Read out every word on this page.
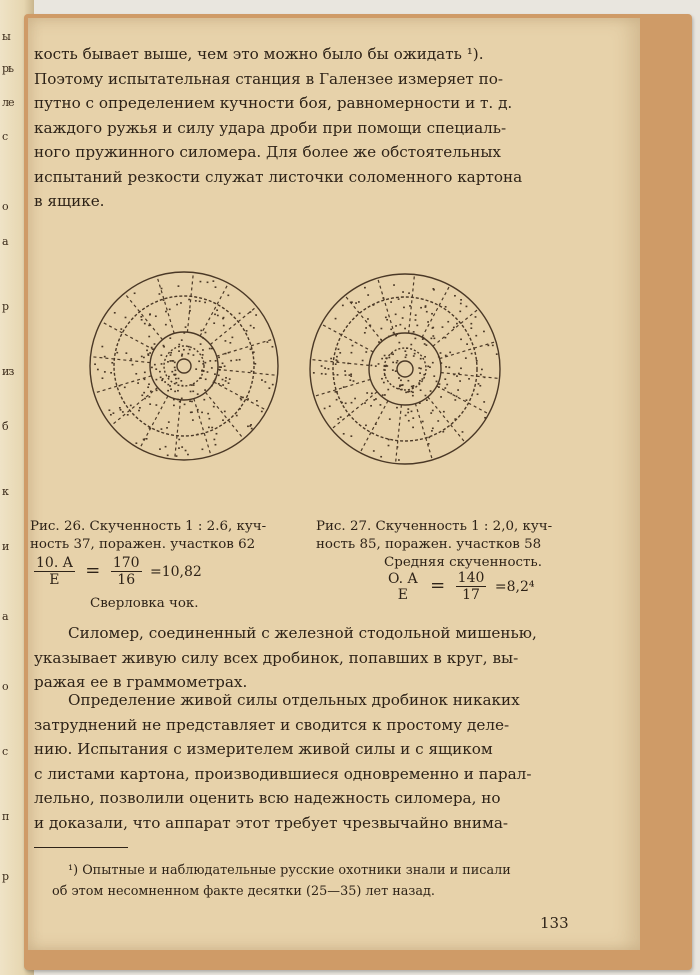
ы
рь
ле
с
о
а
р
из
б
к
и
а
о
с
п
р
кость бывает выше, чем это можно было бы ожидать ¹).
Поэтому испытательная станция в Галензее измеряет по-
путно с определением кучности боя, равномерности и т. д.
каждого ружья и силу удара дроби при помощи специаль-
ного пружинного силомера. Для более же обстоятельных
испытаний резкости служат листочки соломенного картона
в ящике.
Рис. 26. Скученность 1 : 2.6, куч-
ность 37, поражен. участков 62
$\frac{10. A}{E} = \frac{170}{16} =10,82$
Сверловка чок.
Рис. 27. Скученность 1 : 2,0, куч-
ность 85, поражен. участков 58
Средняя скученность.
O. A
E	= $\frac{140}{17} =8,2^4$
Силомер, соединенный с железной стодольной мишенью,
указывает живую силу всех дробинок, попавших в круг, вы-
ражая ее в граммометрах.
Определение живой силы отдельных дробинок никаких
затруднений не представляет и сводится к простому деле-
нию. Испытания с измерителем живой силы и с ящиком
с листами картона, производившиеся одновременно и парал-
лельно, позволили оценить всю надежность силомера, но
и доказали, что аппарат этот требует чрезвычайно внима-
¹) Опытные и наблюдательные русские охотники знали и писали
об этом несомненном факте десятки (25—35) лет назад.
133
